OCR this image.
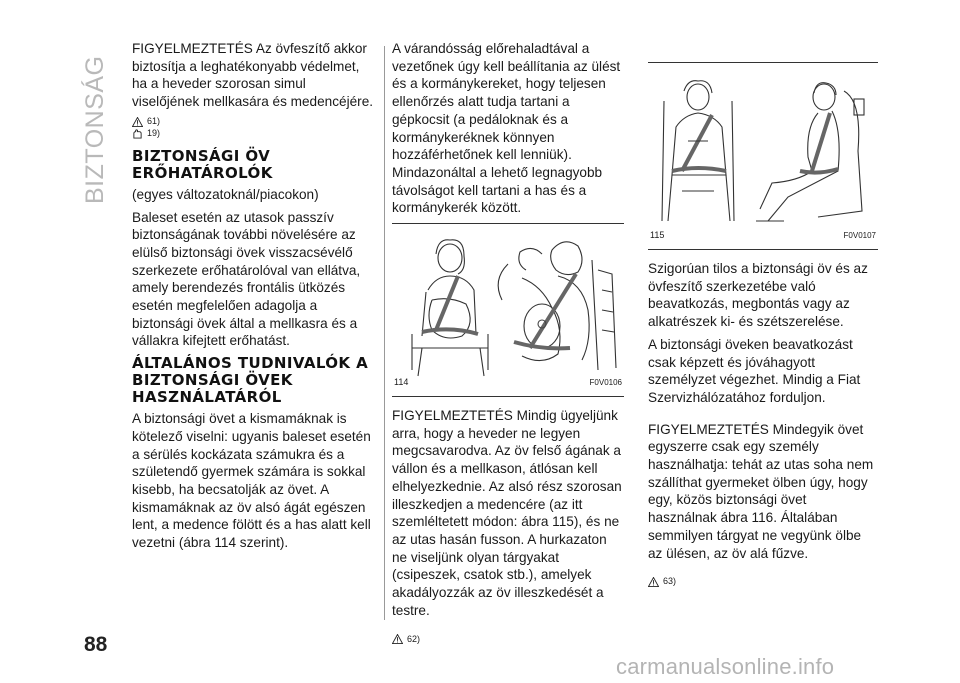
BIZTONSÁG

FIGYELMEZTETÉS Az övfeszítő akkor biztosítja a leghatékonyabb védelmet, ha a heveder szorosan simul viselőjének mellkasára és medencéjére.

61)
19)
BIZTONSÁGI ÖV ERŐHATÁROLÓK

(egyes változatoknál/piacokon)

Baleset esetén az utasok passzív biztonságának további növelésére az elülső biztonsági övek visszacsévélő szerkezete erőhatárolóval van ellátva, amely berendezés frontális ütközés esetén megfelelően adagolja a biztonsági övek által a mellkasra és a vállakra kifejtett erőhatást.

ÁLTALÁNOS TUDNIVALÓK A BIZTONSÁGI ÖVEK HASZNÁLATÁRÓL

A biztonsági övet a kismamáknak is kötelező viselni: ugyanis baleset esetén a sérülés kockázata számukra és a születendő gyermek számára is sokkal kisebb, ha becsatolják az övet. A kismamáknak az öv alsó ágát egészen lent, a medence fölött és a has alatt kell vezetni (ábra 114 szerint).

A várandósság előrehaladtával a vezetőnek úgy kell beállítania az ülést és a kormánykereket, hogy teljesen ellenőrzés alatt tudja tartani a gépkocsit (a pedáloknak és a kormánykeréknek könnyen hozzáférhetőnek kell lenniük). Mindazonáltal a lehető legnagyobb távolságot kell tartani a has és a kormánykerék között.

114	F0V0106

FIGYELMEZTETÉS Mindig ügyeljünk arra, hogy a heveder ne legyen megcsavarodva. Az öv felső ágának a vállon és a mellkason, átlósan kell elhelyezkednie. Az alsó rész szorosan illeszkedjen a medencére (az itt szemléltetett módon: ábra 115), és ne az utas hasán fusson. A hurkazaton ne viseljünk olyan tárgyakat (csipeszek, csatok stb.), amelyek akadályozzák az öv illeszkedését a testre.

62)
115	F0V0107

Szigorúan tilos a biztonsági öv és az övfeszítő szerkezetébe való beavatkozás, megbontás vagy az alkatrészek ki- és szétszerelése.

A biztonsági öveken beavatkozást csak képzett és jóváhagyott személyzet végezhet. Mindig a Fiat Szervizhálózatához forduljon.

FIGYELMEZTETÉS Mindegyik övet egyszerre csak egy személy használhatja: tehát az utas soha nem szállíthat gyermeket ölben úgy, hogy egy, közös biztonsági övet használnak ábra 116. Általában semmilyen tárgyat ne vegyünk ölbe az ülésen, az öv alá fűzve.

63)
88
carmanualsonline.info
